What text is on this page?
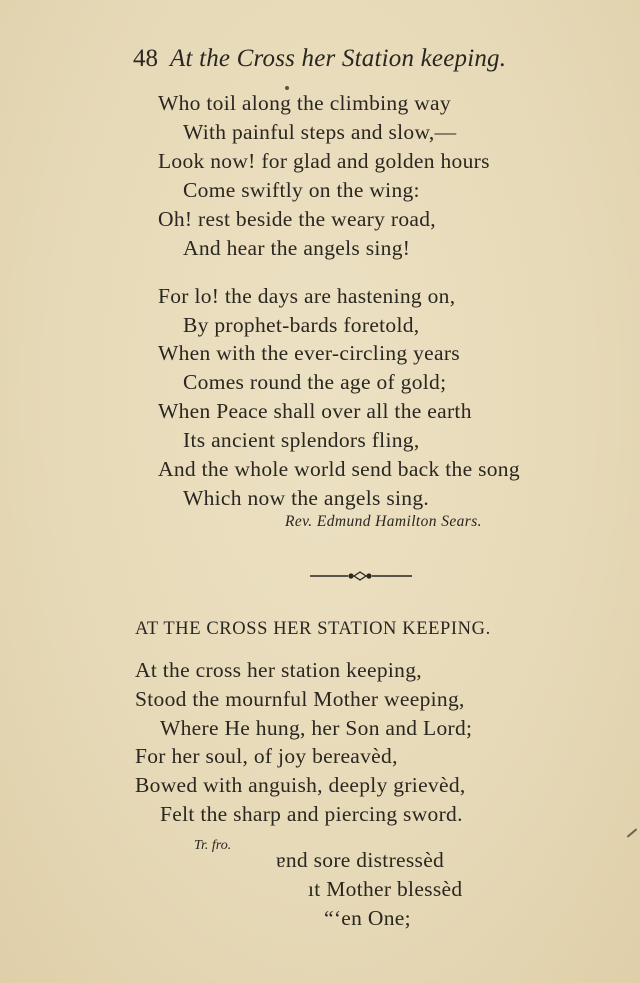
48 At the Cross her Station keeping.
Who toil along the climbing way
With painful steps and slow,—
Look now! for glad and golden hours
Come swiftly on the wing:
Oh! rest beside the weary road,
And hear the angels sing!
For lo! the days are hastening on,
By prophet-bards foretold,
When with the ever-circling years
Comes round the age of gold;
When Peace shall over all the earth
Its ancient splendors fling,
And the whole world send back the song
Which now the angels sing.
Rev. Edmund Hamilton Sears.
AT THE CROSS HER STATION KEEPING.
At the cross her station keeping,
Stood the mournful Mother weeping,
Where He hung, her Son and Lord;
For her soul, of joy bereavèd,
Bowed with anguish, deeply grievèd,
Felt the sharp and piercing sword.
Tr. fro.
ɐnd sore distressèd
ıt Mother blessèd
“‘en One;
